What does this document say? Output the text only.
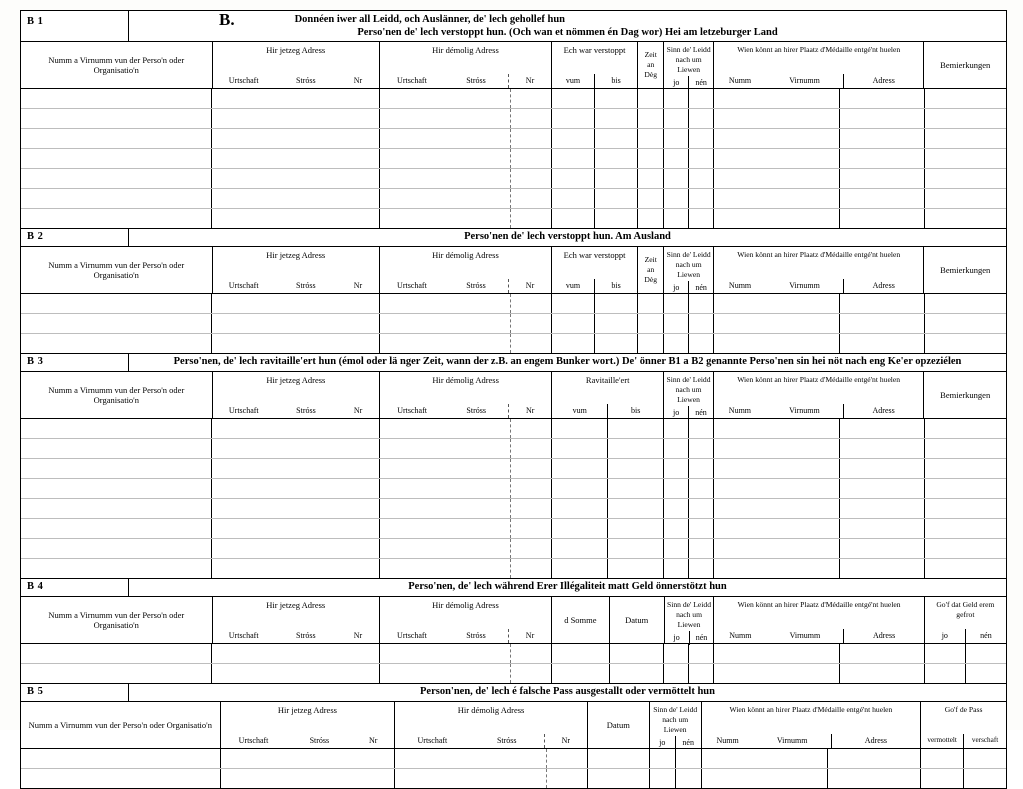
B 1	B.	Donnéen iwer all Leidd, och Auslänner, de' lech gehollef hun
Perso'nen de' lech verstoppt hun. (Och wan et nömmen én Dag wor) Hei am letzeburger Land
Numm a Virnumm vun der Perso'n oder Organisatio'n
Hir jetzeg Adress
Urtschaft	Stróss	Nr
Hir démolig Adress
Urtschaft	Stróss	Nr
Ech war verstoppt
vum	bis
Zeit an Dèg
Sinn de' Leidd nach um Liewen
jo	nén
Wien könnt an hirer Plaatz d'Médaille entgé'nt huelen
Numm	Virnumm	Adress
Bemierkungen
B 2	Perso'nen de' lech verstoppt hun. Am Ausland
Numm a Virnumm vun der Perso'n oder Organisatio'n
Hir jetzeg Adress
Urtschaft	Stróss	Nr
Hir démolig Adress
Urtschaft	Stróss	Nr
Ech war verstoppt
vum	bis
Zeit an Dèg
Sinn de' Leidd nach um Liewen
jo	nén
Wien könnt an hirer Plaatz d'Médaille entgé'nt huelen
Numm	Virnumm	Adress
Bemierkungen
B 3	Perso'nen, de' lech ravitaille'ert hun (émol oder lä nger Zeit, wann der z.B. an engem Bunker wort.) De' önner B1 a B2 genannte Perso'nen sin hei nöt nach eng Ke'er opzeziélen
Numm a Virnumm vun der Perso'n oder Organisatio'n
Hir jetzeg Adress
Urtschaft	Stróss	Nr
Hir démolig Adress
Urtschaft	Stróss	Nr
Ravitaille'ert
vum	bis
Sinn de' Leidd nach um Liewen
jo	nén
Wien könnt an hirer Plaatz d'Médaille entgé'nt huelen
Numm	Virnumm	Adress
Bemierkungen
B 4	Perso'nen, de' lech während Erer Illégaliteit matt Geld önnerstötzt hun
Numm a Virnumm vun der Perso'n oder Organisatio'n
Hir jetzeg Adress
Urtschaft	Stróss	Nr
Hir démolig Adress
Urtschaft	Stróss	Nr
d Somme	Datum
Sinn de' Leidd nach um Liewen
jo	nén
Wien könnt an hirer Plaatz d'Médaille entgé'nt huelen
Numm	Virnumm	Adress
Go'f dat Geld erem gefrot
jo	nén
B 5	Person'nen, de' lech é falsche Pass ausgestallt oder vermöttelt hun
Numm a Virnumm vun der Perso'n oder Organisatio'n
Hir jetzeg Adress
Urtschaft	Stróss	Nr
Hir démolig Adress
Urtschaft	Stróss	Nr
Datum
Sinn de' Leidd nach um Liewen
jo	nén
Wien könnt an hirer Plaatz d'Médaille entgé'nt huelen
Numm	Virnumm	Adress
Go'f de Pass
vermottelt	verschaft
